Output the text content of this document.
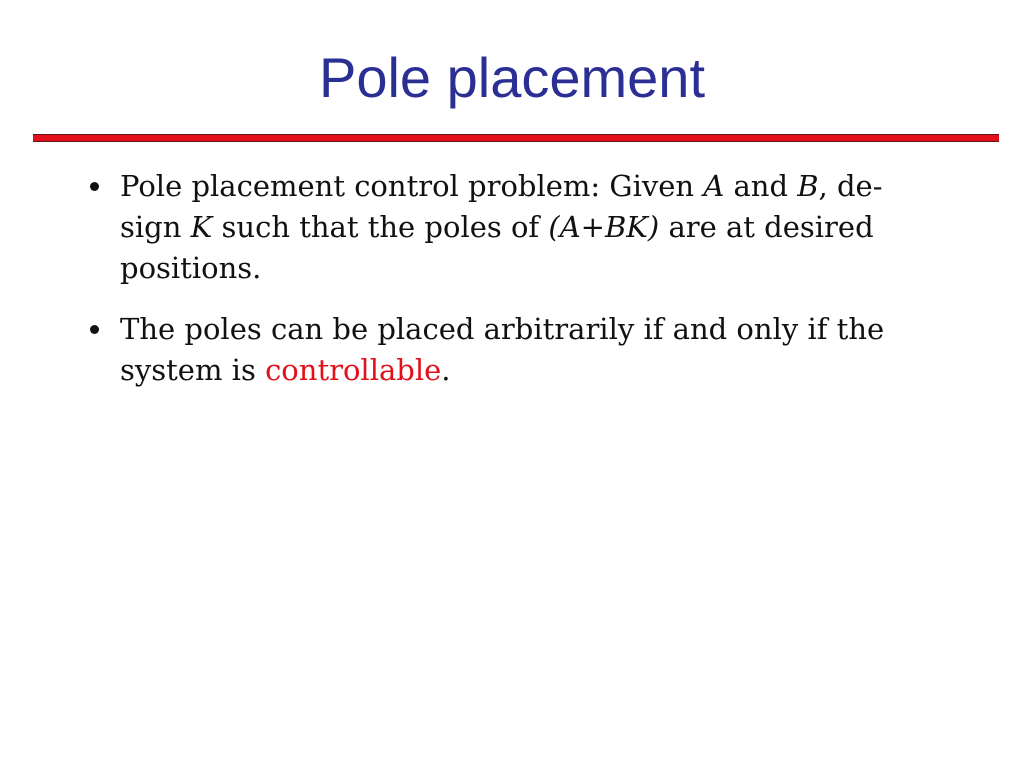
Pole placement
Pole placement control problem: Given A and B, de-
sign K such that the poles of (A+BK) are at desired
positions.
The poles can be placed arbitrarily if and only if the
system is controllable.
